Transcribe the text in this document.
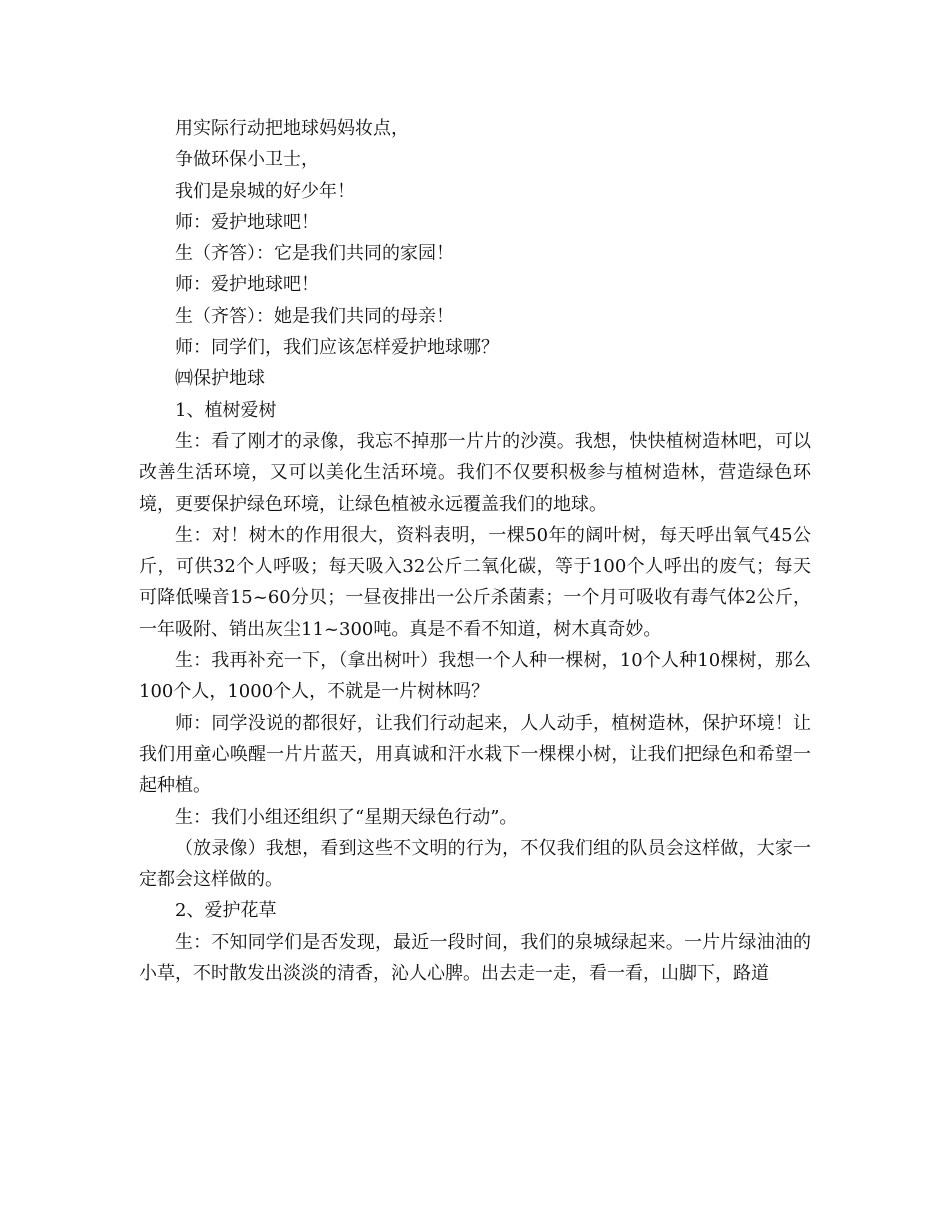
用实际行动把地球妈妈妆点，

争做环保小卫士，

我们是泉城的好少年！

师：爱护地球吧！

生（齐答）：它是我们共同的家园！

师：爱护地球吧！

生（齐答）：她是我们共同的母亲！

师：同学们，我们应该怎样爱护地球哪？

㈣保护地球

1、植树爱树

生：看了刚才的录像，我忘不掉那一片片的沙漠。我想，快快植树造林吧，可以改善生活环境，又可以美化生活环境。我们不仅要积极参与植树造林，营造绿色环境，更要保护绿色环境，让绿色植被永远覆盖我们的地球。

生：对！树木的作用很大，资料表明，一棵50年的阔叶树，每天呼出氧气45公斤，可供32个人呼吸；每天吸入32公斤二氧化碳，等于100个人呼出的废气；每天可降低噪音15~60分贝；一昼夜排出一公斤杀菌素；一个月可吸收有毒气体2公斤，一年吸附、销出灰尘11~300吨。真是不看不知道，树木真奇妙。

生：我再补充一下，（拿出树叶）我想一个人种一棵树，10个人种10棵树，那么100个人，1000个人，不就是一片树林吗？

师：同学没说的都很好，让我们行动起来，人人动手，植树造林，保护环境！让我们用童心唤醒一片片蓝天，用真诚和汗水栽下一棵棵小树，让我们把绿色和希望一起种植。

生：我们小组还组织了“星期天绿色行动”。

（放录像）我想，看到这些不文明的行为，不仅我们组的队员会这样做，大家一定都会这样做的。

2、爱护花草

生：不知同学们是否发现，最近一段时间，我们的泉城绿起来。一片片绿油油的小草，不时散发出淡淡的清香，沁人心脾。出去走一走，看一看，山脚下，路道
